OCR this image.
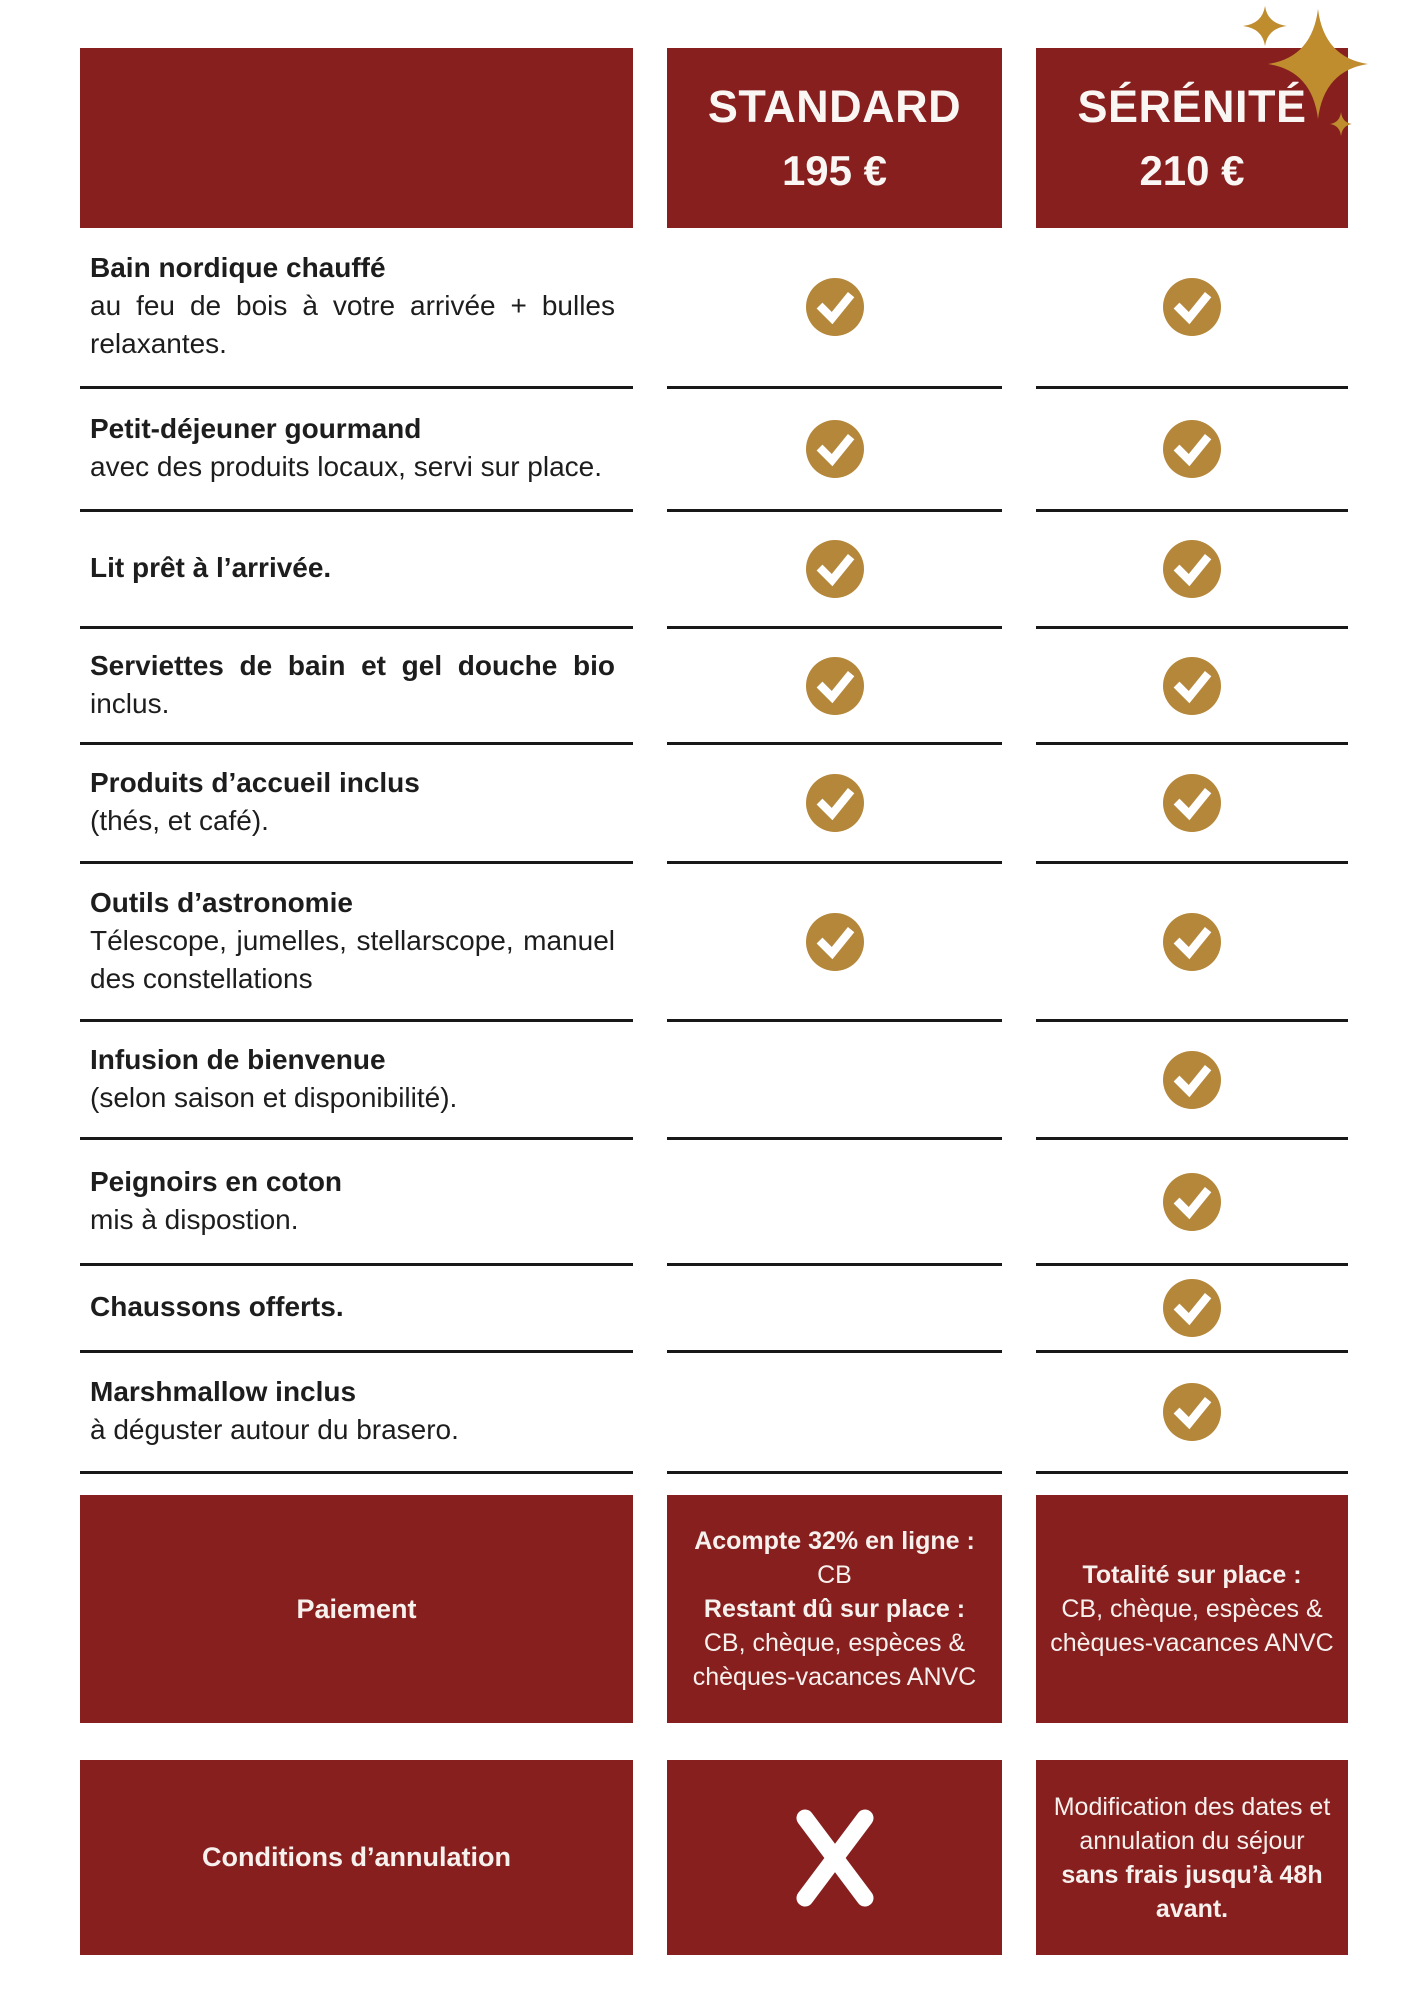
STANDARD
195 €
SÉRÉNITÉ
210 €

Bain nordique chauffé
au feu de bois à votre arrivée + bulles relaxantes.

Petit-déjeuner gourmand
avec des produits locaux, servi sur place.

Lit prêt à l’arrivée.

Serviettes de bain et gel douche bio inclus.

Produits d’accueil inclus
(thés, et café).

Outils d’astronomie
Télescope, jumelles, stellarscope, manuel des constellations

Infusion de bienvenue
(selon saison et disponibilité).

Peignoirs en coton
mis à dispostion.

Chaussons offerts.

Marshmallow inclus
à déguster autour du brasero.

Paiement
Acompte 32% en ligne :
CB
Restant dû sur place :
CB, chèque, espèces &
chèques-vacances ANVC
Totalité sur place :
CB, chèque, espèces &
chèques-vacances ANVC
Conditions d’annulation
Modification des dates et
annulation du séjour
sans frais jusqu’à 48h
avant.
